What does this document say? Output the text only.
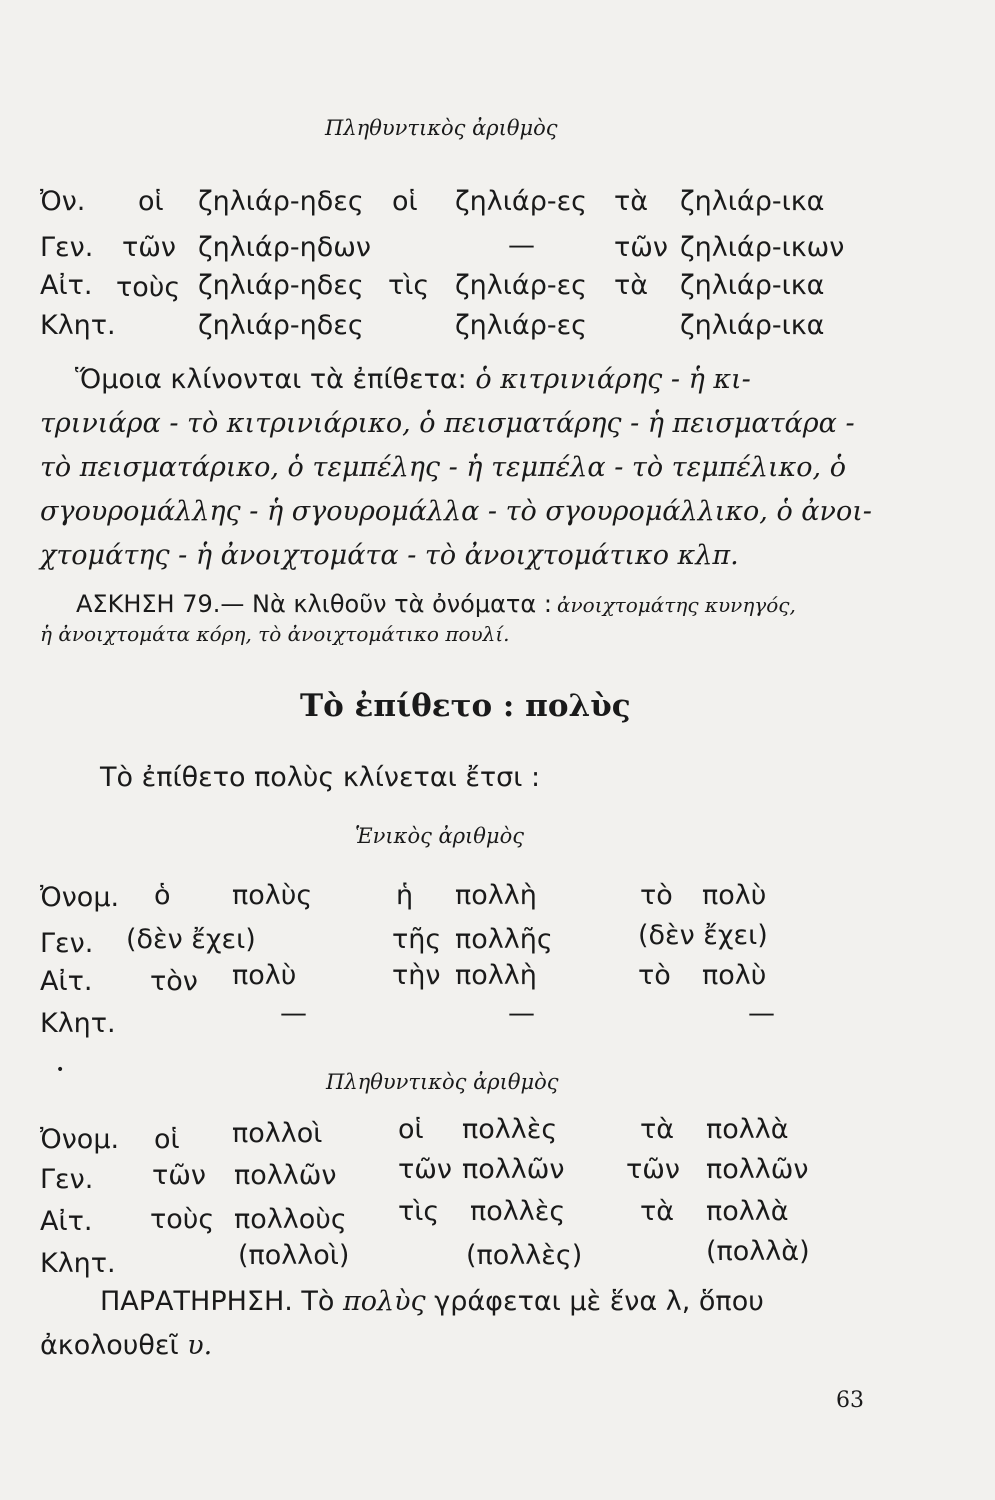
Πληθυντικὸς ἀριθμὸς
Ὀν. οἱ ζηλιάρ-ηδες οἱ ζηλιάρ-ες τὰ ζηλιάρ-ικα
Γεν. τῶν ζηλιάρ-ηδων	—	τῶν ζηλιάρ-ικων
Αἰτ. τοὺς ζηλιάρ-ηδες τὶς ζηλιάρ-ες τὰ ζηλιάρ-ικα
Κλητ.	ζηλιάρ-ηδες	ζηλιάρ-ες	ζηλιάρ-ικα
Ὅμοια κλίνονται τὰ ἐπίθετα: ὁ κιτρινιάρης - ἡ κι-
τρινιάρα - τὸ κιτρινιάρικο, ὁ πεισματάρης - ἡ πεισματάρα -
τὸ πεισματάρικο, ὁ τεμπέλης - ἡ τεμπέλα - τὸ τεμπέλικο, ὁ
σγουρομάλλης - ἡ σγουρομάλλα - τὸ σγουρομάλλικο, ὁ ἀνοι-
χτομάτης - ἡ ἀνοιχτομάτα - τὸ ἀνοιχτομάτικο κλπ.
ΑΣΚΗΣΗ 79.— Νὰ κλιθοῦν τὰ ὀνόματα : ἀνοιχτομάτης κυνηγός,
ἡ ἀνοιχτομάτα κόρη, τὸ ἀνοιχτομάτικο πουλί.
Τὸ ἐπίθετο : πολὺς
Τὸ ἐπίθετο πολὺς κλίνεται ἔτσι :
Ἑνικὸς ἀριθμὸς
Ὀνομ. ὁ πολὺς	ἡ πολλὴ	τὸ πολὺ
Γεν. (δὲν ἔχει)	τῆς πολλῆς	(δὲν ἔχει)
Αἰτ. τὸν πολὺ	τὴν πολλὴ	τὸ πολὺ
Κλητ.	—	—	—
•	Πληθυντικὸς ἀριθμὸς
Ὀνομ. οἱ πολλοὶ	οἱ πολλὲς	τὰ πολλὰ
Γεν. τῶν πολλῶν τῶν πολλῶν τῶν πολλῶν
Αἰτ. τοὺς πολλοὺς τὶς πολλὲς	τὰ πολλὰ
Κλητ.	(πολλοὶ)	(πολλὲς)	(πολλὰ)
ΠΑΡΑΤΗΡΗΣΗ. Τὸ πολὺς γράφεται μὲ ἕνα λ, ὅπου
ἀκολουθεῖ υ.
63
